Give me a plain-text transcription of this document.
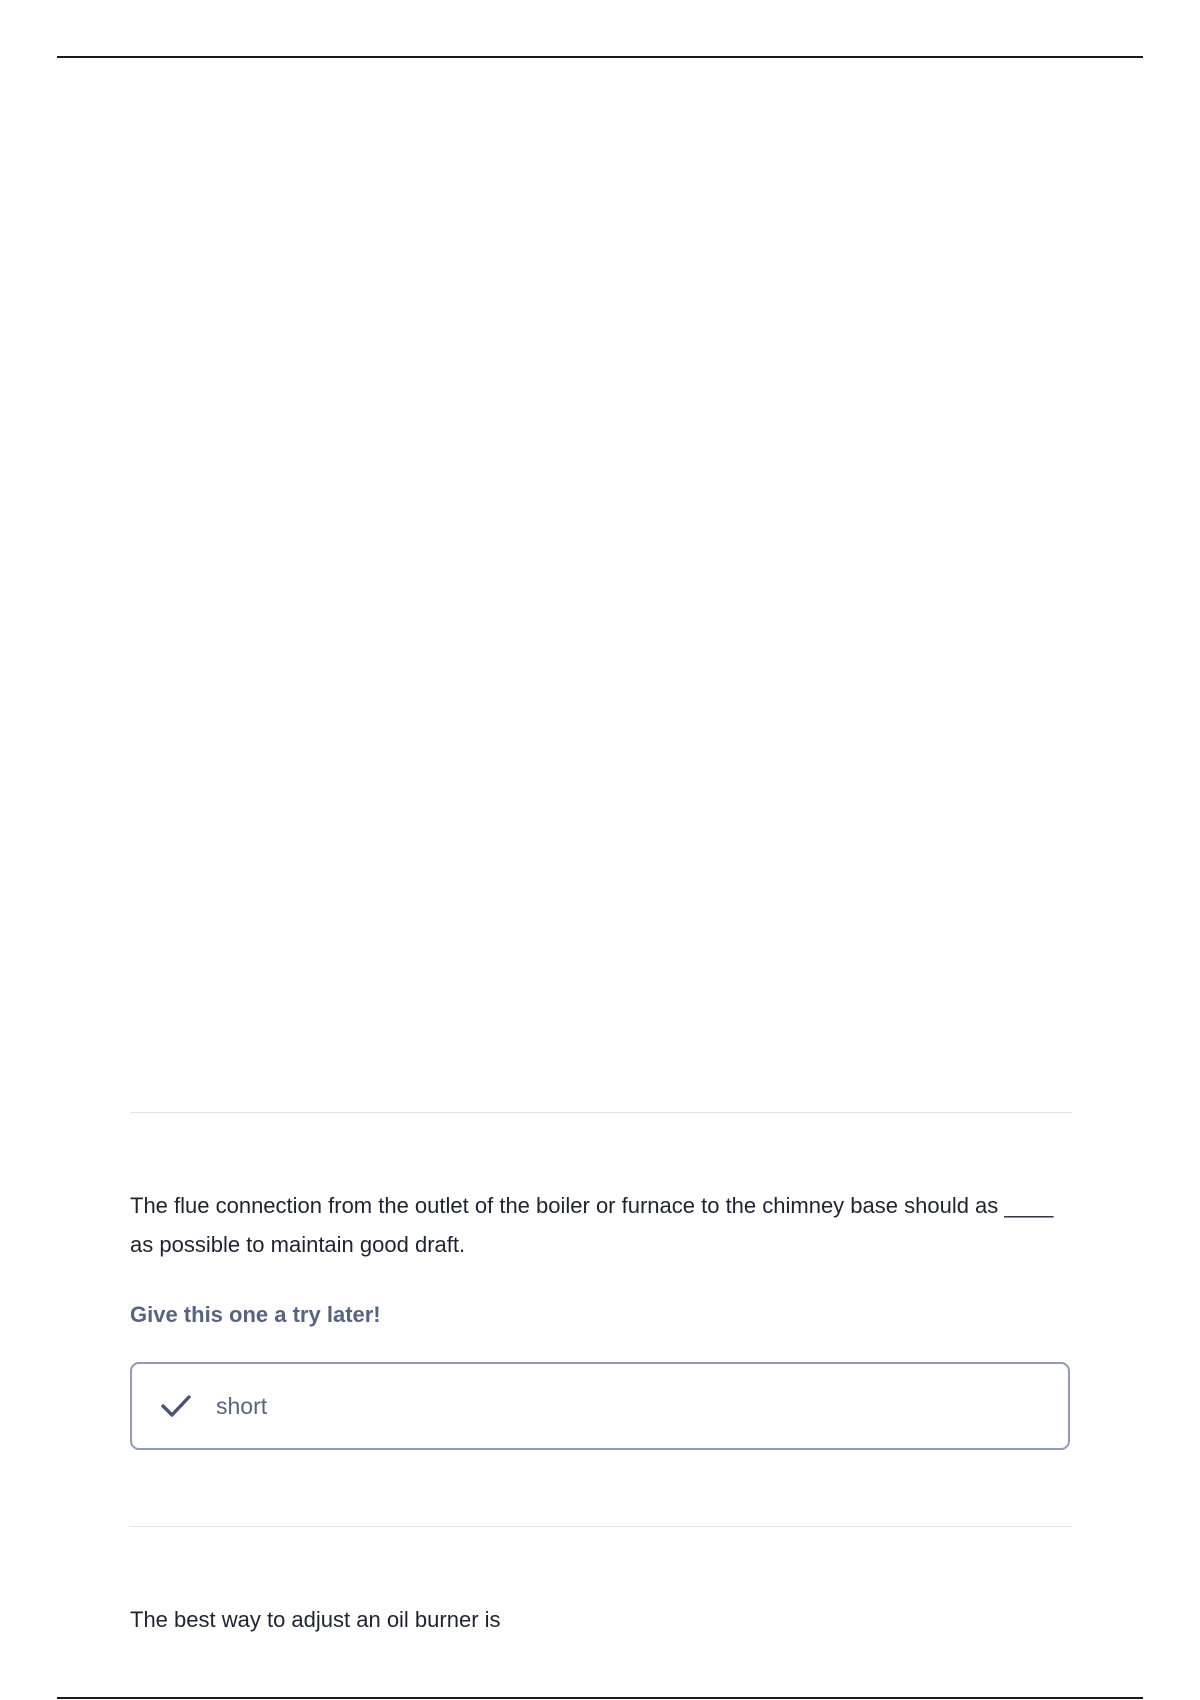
The flue connection from the outlet of the boiler or furnace to the chimney base should as ____ as possible to maintain good draft.
Give this one a try later!
short
The best way to adjust an oil burner is
